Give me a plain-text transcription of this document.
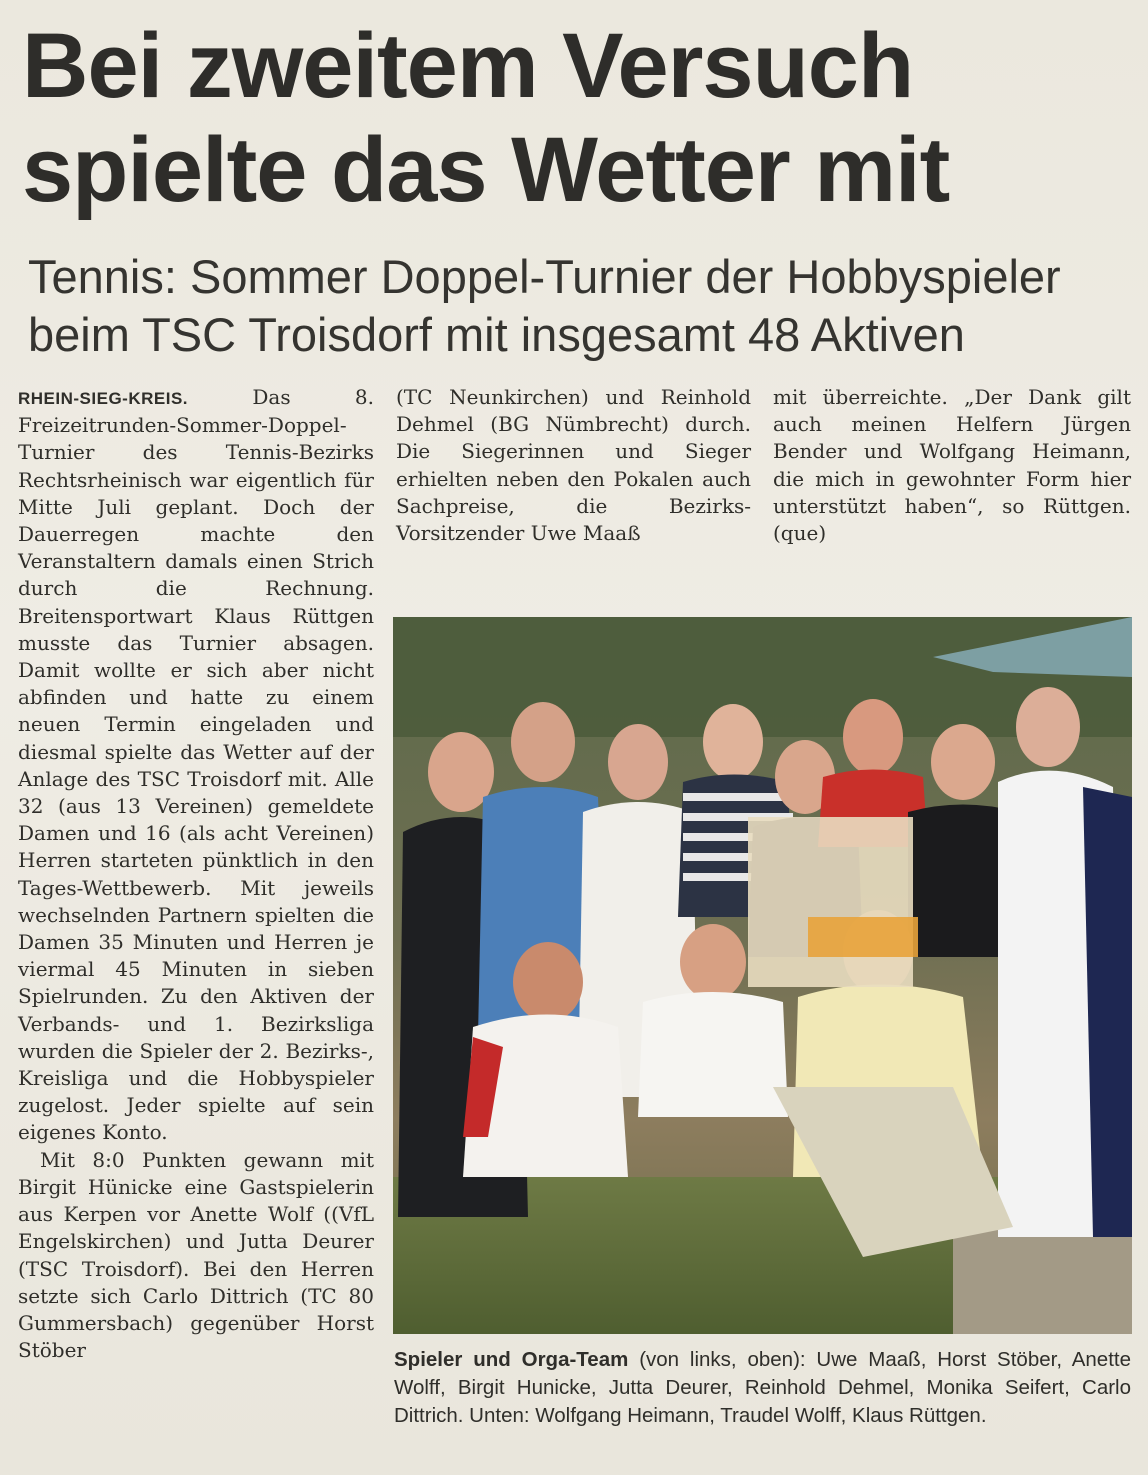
Bei zweitem Versuch
spielte das Wetter mit
Tennis: Sommer Doppel-Turnier der Hobbyspieler
beim TSC Troisdorf mit insgesamt 48 Aktiven

RHEIN-SIEG-KREIS.	Das 8. Freizeitrunden-Sommer-Doppel-Turnier des Tennis-Bezirks Rechtsrheinisch war eigentlich für Mitte Juli geplant. Doch der Dauerregen machte den Veranstaltern damals einen Strich durch die Rechnung. Breitensportwart Klaus Rüttgen musste das Turnier absagen. Damit wollte er sich aber nicht abfinden und hatte zu einem neuen Termin eingeladen und diesmal spielte das Wetter auf der Anlage des TSC Troisdorf mit. Alle 32 (aus 13 Vereinen) gemeldete Damen und 16 (als acht Vereinen) Herren starteten pünktlich in den Tages-Wettbewerb. Mit jeweils wechselnden Partnern spielten die Damen 35 Minuten und Herren je viermal 45 Minuten in sieben Spielrunden. Zu den Aktiven der Verbands- und 1. Bezirksliga wurden die Spieler der 2. Bezirks-, Kreisliga und die Hobbyspieler zugelost. Jeder spielte auf sein eigenes Konto.

Mit 8:0 Punkten gewann mit Birgit Hünicke eine Gastspielerin aus Kerpen vor Anette Wolf ((VfL Engelskirchen) und Jutta Deurer (TSC Troisdorf). Bei den Herren setzte sich Carlo Dittrich (TC 80 Gummersbach) gegenüber Horst Stöber

(TC Neunkirchen) und Reinhold Dehmel (BG Nümbrecht) durch. Die Siegerinnen und Sieger erhielten neben den Pokalen auch Sachpreise, die Bezirks-Vorsitzender Uwe Maaß

mit überreichte. „Der Dank gilt auch meinen Helfern Jürgen Bender und Wolfgang Heimann, die mich in gewohnter Form hier unterstützt haben“, so Rüttgen. (que)

Spieler und Orga-Team (von links, oben): Uwe Maaß, Horst Stöber, Anette Wolff, Birgit Hunicke, Jutta Deurer, Reinhold Dehmel, Monika Seifert, Carlo Dittrich. Unten: Wolfgang Heimann, Traudel Wolff, Klaus Rüttgen.
